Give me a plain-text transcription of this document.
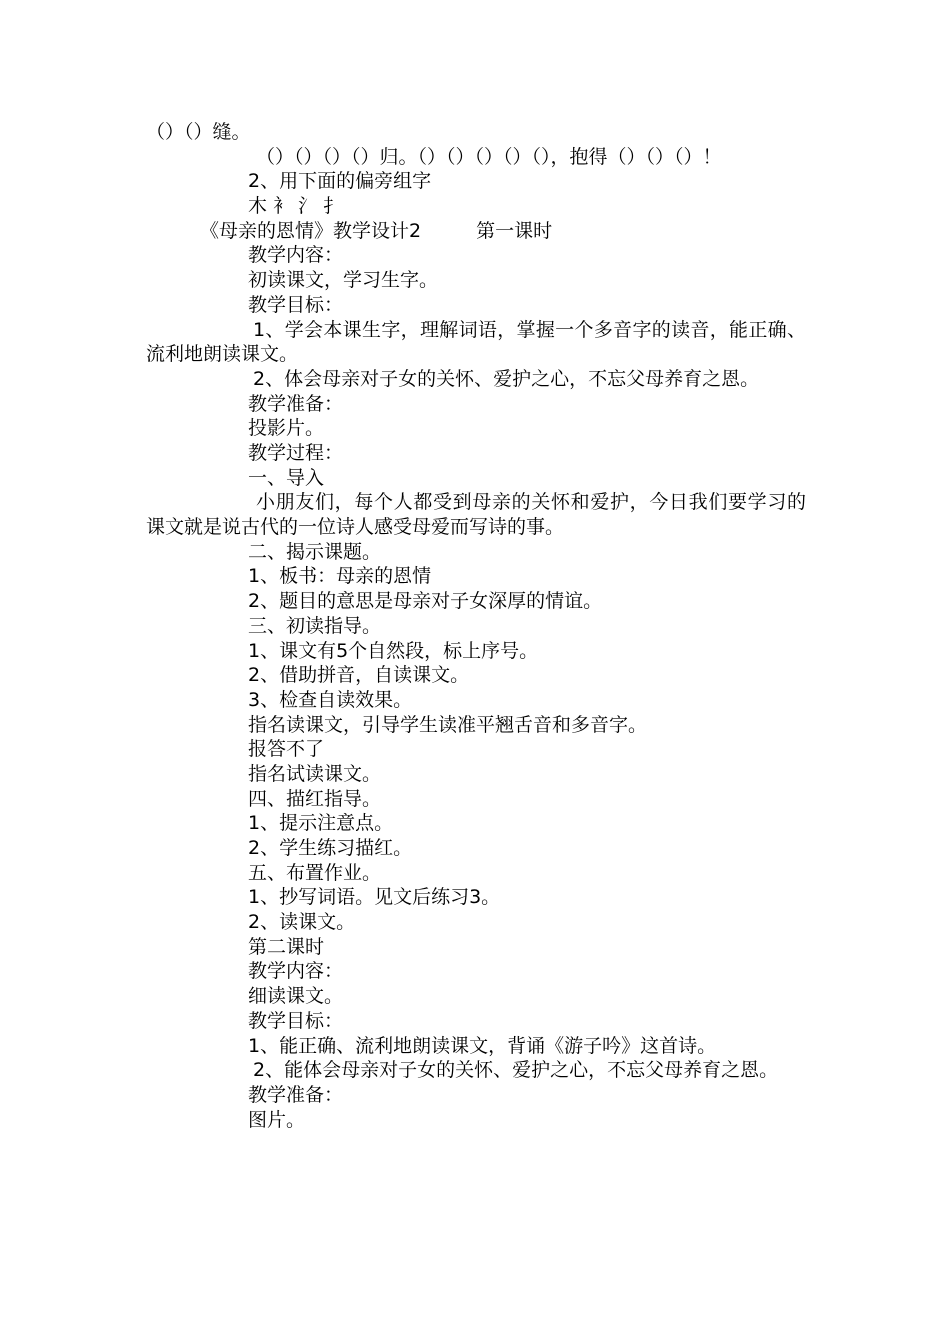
（）（）缝。
（）（）（）（）归。（）（）（）（）（），抱得（）（）（）！
2、用下面的偏旁组字
木 衤 氵 扌
《母亲的恩情》教学设计2	第一课时
教学内容：
初读课文，学习生字。
教学目标：
1、学会本课生字，理解词语，掌握一个多音字的读音，能正确、流利地朗读课文。
2、体会母亲对子女的关怀、爱护之心，不忘父母养育之恩。
教学准备：
投影片。
教学过程：
一、导入
小朋友们，每个人都受到母亲的关怀和爱护，今日我们要学习的课文就是说古代的一位诗人感受母爱而写诗的事。
二、揭示课题。
1、板书：母亲的恩情
2、题目的意思是母亲对子女深厚的情谊。
三、初读指导。
1、课文有5个自然段，标上序号。
2、借助拼音，自读课文。
3、检查自读效果。
指名读课文，引导学生读准平翘舌音和多音字。
报答不了
指名试读课文。
四、描红指导。
1、提示注意点。
2、学生练习描红。
五、布置作业。
1、抄写词语。见文后练习3。
2、读课文。
第二课时
教学内容：
细读课文。
教学目标：
1、能正确、流利地朗读课文，背诵《游子吟》这首诗。
2、能体会母亲对子女的关怀、爱护之心，不忘父母养育之恩。
教学准备：
图片。
